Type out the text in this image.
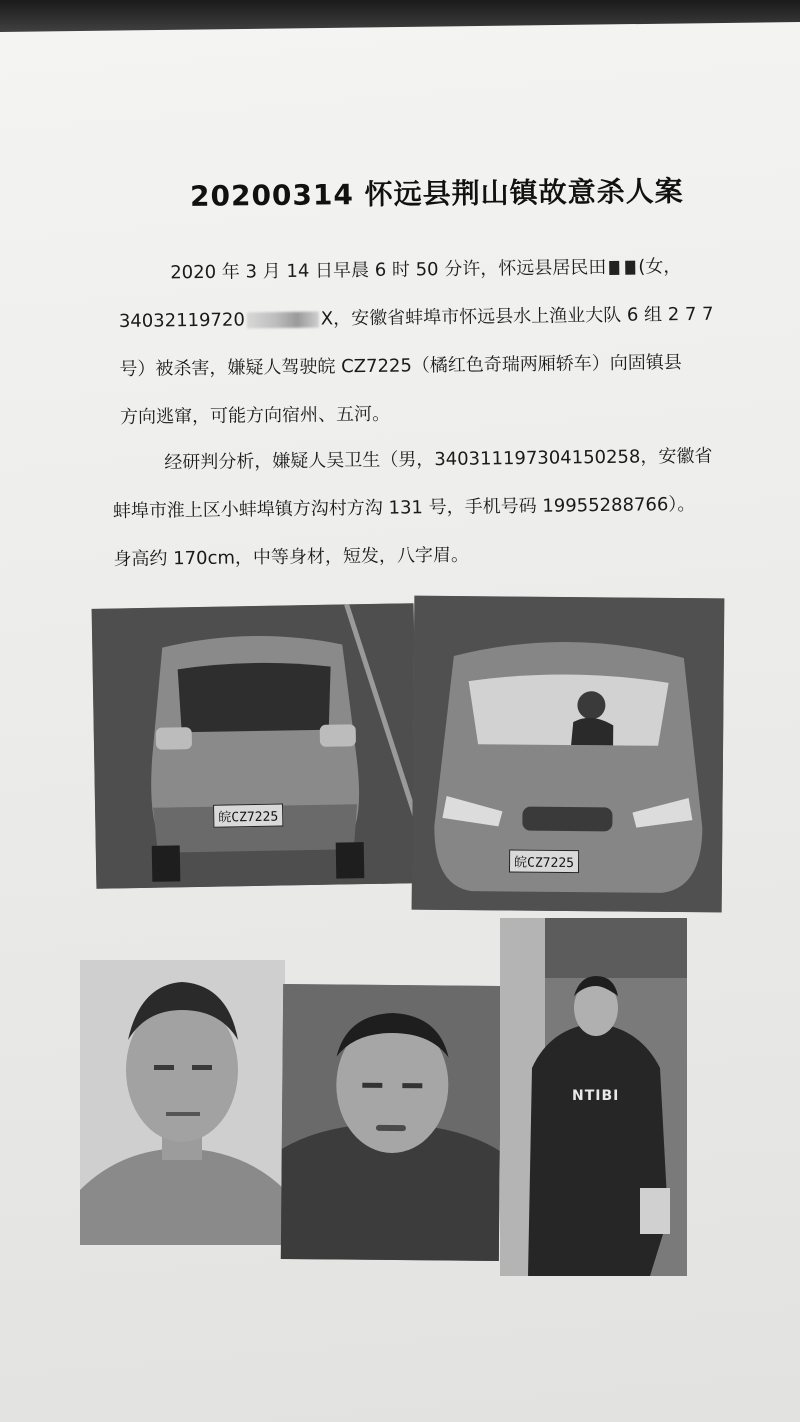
20200314 怀远县荆山镇故意杀人案
2020 年 3 月 14 日早晨 6 时 50 分许，怀远县居民田 (女，
34032119720	X，安徽省蚌埠市怀远县水上渔业大队 6 组 2 7 7
号）被杀害，嫌疑人驾驶皖 CZ7225（橘红色奇瑞两厢轿车）向固镇县
方向逃窜，可能方向宿州、五河。
经研判分析，嫌疑人吴卫生（男，340311197304150258，安徽省
蚌埠市淮上区小蚌埠镇方沟村方沟 131 号，手机号码 19955288766）。
身高约 170cm，中等身材，短发，八字眉。
皖CZ7225
皖CZ7225
NTIBI
